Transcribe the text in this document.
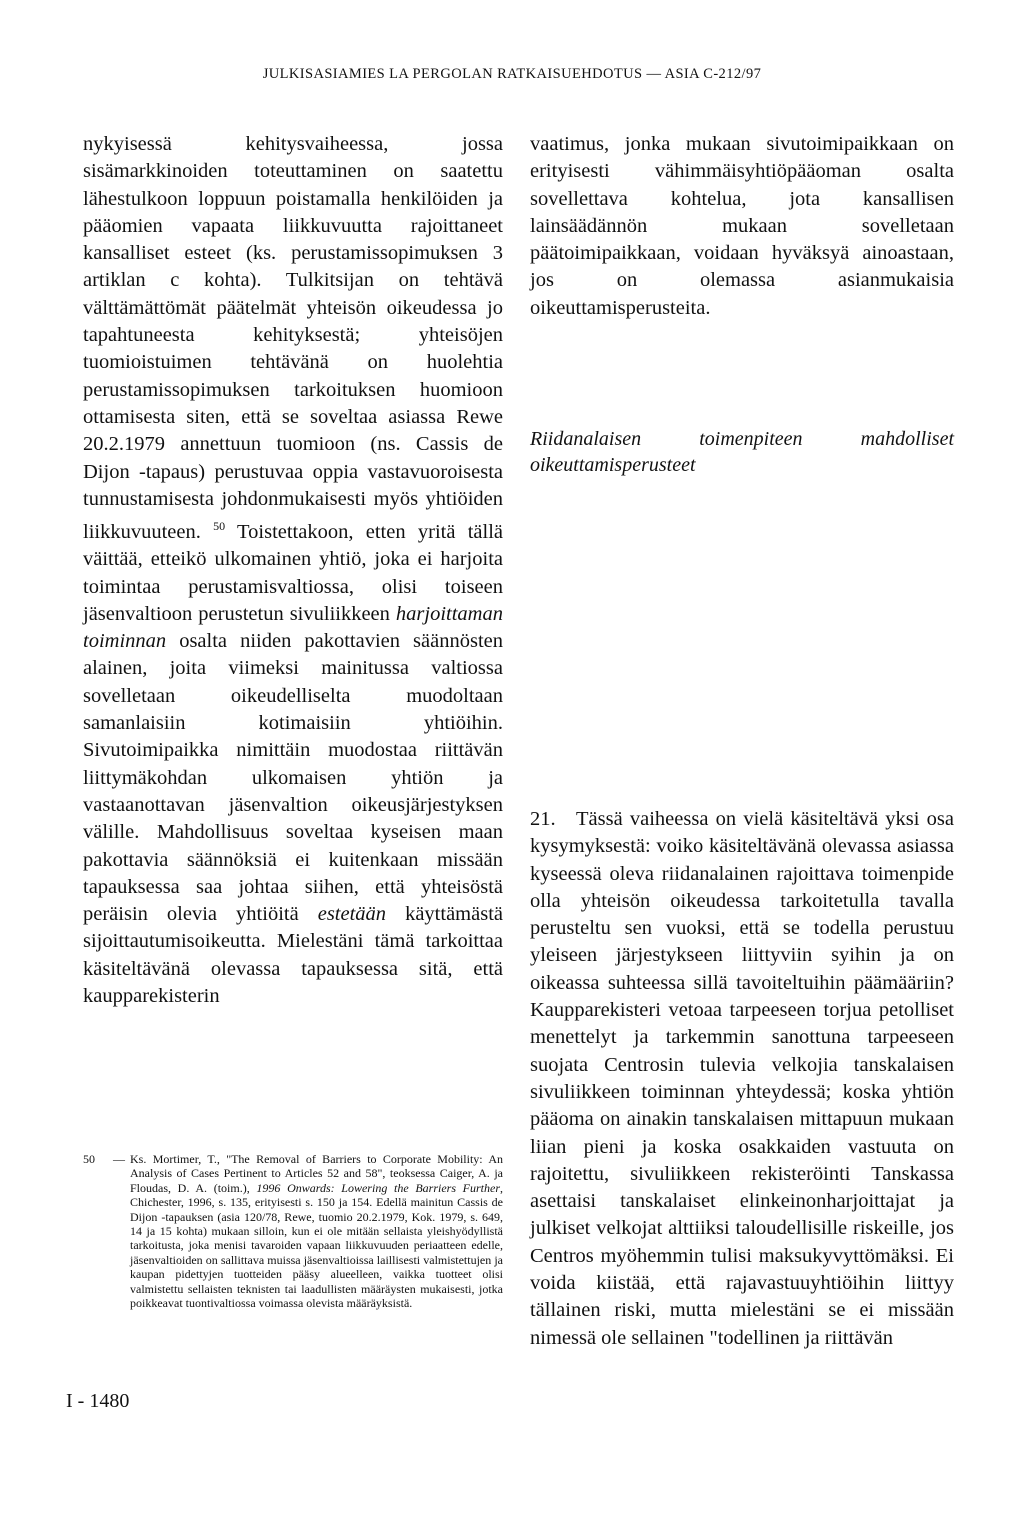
JULKISASIAMIES LA PERGOLAN RATKAISUEHDOTUS — ASIA C-212/97

nykyisessä kehitysvaiheessa, jossa sisämarkkinoiden toteuttaminen on saatettu lähestulkoon loppuun poistamalla henkilöiden ja pääomien vapaata liikkuvuutta rajoittaneet kansalliset esteet (ks. perustamissopimuksen 3 artiklan c kohta). Tulkitsijan on tehtävä välttämättömät päätelmät yhteisön oikeudessa jo tapahtuneesta kehityksestä; yhteisöjen tuomioistuimen tehtävänä on huolehtia perustamissopimuksen tarkoituksen huomioon ottamisesta siten, että se soveltaa asiassa Rewe 20.2.1979 annettuun tuomioon (ns. Cassis de Dijon -tapaus) perustuvaa oppia vastavuoroisesta tunnustamisesta johdonmukaisesti myös yhtiöiden liikkuvuuteen. $^{50}$ Toistettakoon, etten yritä tällä väittää, etteikö ulkomainen yhtiö, joka ei harjoita toimintaa perustamisvaltiossa, olisi toiseen jäsenvaltioon perustetun sivuliikkeen harjoittaman toiminnan osalta niiden pakottavien säännösten alainen, joita viimeksi mainitussa valtiossa sovelletaan oikeudelliselta muodoltaan samanlaisiin kotimaisiin yhtiöihin. Sivutoimipaikka nimittäin muodostaa riittävän liittymäkohdan ulkomaisen yhtiön ja vastaanottavan jäsenvaltion oikeusjärjestyksen välille. Mahdollisuus soveltaa kyseisen maan pakottavia säännöksiä ei kuitenkaan missään tapauksessa saa johtaa siihen, että yhteisöstä peräisin olevia yhtiöitä estetään käyttämästä sijoittautumisoikeutta. Mielestäni tämä tarkoittaa käsiteltävänä olevassa tapauksessa sitä, että kaupparekisterin

50	— Ks. Mortimer, T., "The Removal of Barriers to Corporate Mobility: An Analysis of Cases Pertinent to Articles 52 and 58", teoksessa Caiger, A. ja Floudas, D. A. (toim.), 1996 Onwards: Lowering the Barriers Further, Chichester, 1996, s. 135, erityisesti s. 150 ja 154. Edellä mainitun Cassis de Dijon -tapauksen (asia 120/78, Rewe, tuomio 20.2.1979, Kok. 1979, s. 649, 14 ja 15 kohta) mukaan silloin, kun ei ole mitään sellaista yleishyödyllistä tarkoitusta, joka menisi tavaroiden vapaan liikkuvuuden periaatteen edelle, jäsenvaltioiden on sallittava muissa jäsenvaltioissa laillisesti valmistettujen ja kaupan pidettyjen tuotteiden pääsy alueelleen, vaikka tuotteet olisi valmistettu sellaisten teknisten tai laadullisten määräysten mukaisesti, jotka poikkeavat tuontivaltiossa voimassa olevista määräyksistä.

vaatimus, jonka mukaan sivutoimipaikkaan on erityisesti vähimmäisyhtiöpääoman osalta sovellettava kohtelua, jota kansallisen lainsäädännön mukaan sovelletaan päätoimipaikkaan, voidaan hyväksyä ainoastaan, jos on olemassa asianmukaisia oikeuttamisperusteita.

Riidanalaisen toimenpiteen mahdolliset oikeuttamisperusteet
21. Tässä vaiheessa on vielä käsiteltävä yksi osa kysymyksestä: voiko käsiteltävänä olevassa asiassa kyseessä oleva riidanalainen rajoittava toimenpide olla yhteisön oikeudessa tarkoitetulla tavalla perusteltu sen vuoksi, että se todella perustuu yleiseen järjestykseen liittyviin syihin ja on oikeassa suhteessa sillä tavoiteltuihin päämääriin? Kaupparekisteri vetoaa tarpeeseen torjua petolliset menettelyt ja tarkemmin sanottuna tarpeeseen suojata Centrosin tulevia velkojia tanskalaisen sivuliikkeen toiminnan yhteydessä; koska yhtiön pääoma on ainakin tanskalaisen mittapuun mukaan liian pieni ja koska osakkaiden vastuuta on rajoitettu, sivuliikkeen rekisteröinti Tanskassa asettaisi tanskalaiset elinkeinonharjoittajat ja julkiset velkojat alttiiksi taloudellisille riskeille, jos Centros myöhemmin tulisi maksukyvyttömäksi. Ei voida kiistää, että rajavastuuyhtiöihin liittyy tällainen riski, mutta mielestäni se ei missään nimessä ole sellainen "todellinen ja riittävän
I - 1480
